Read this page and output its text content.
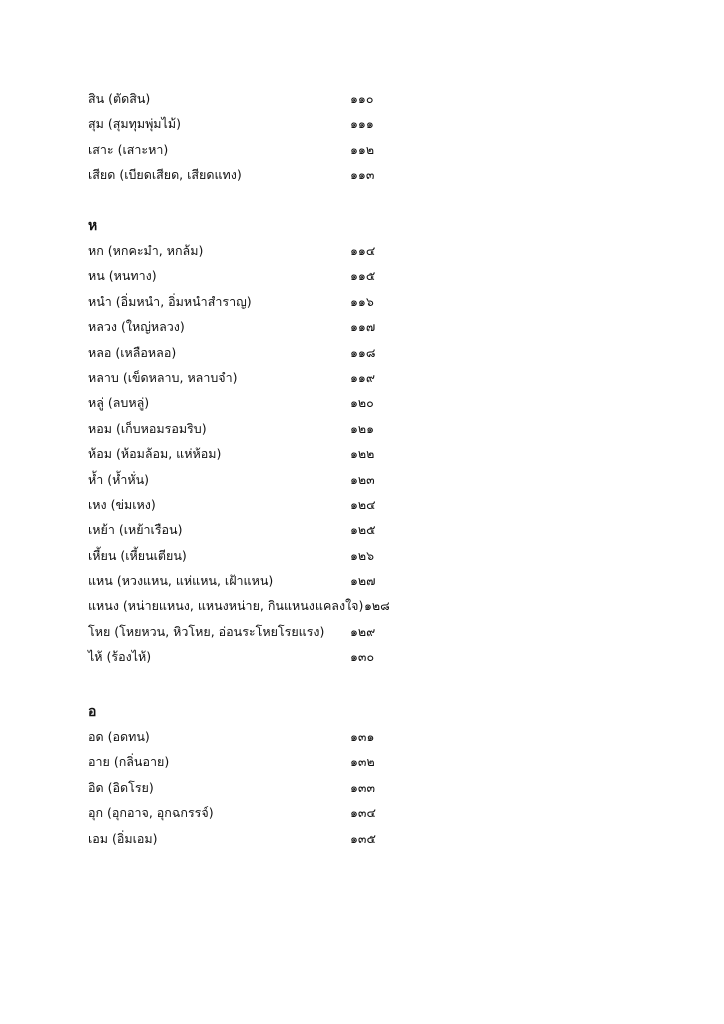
สิน (ตัดสิน)	๑๑๐
สุม (สุมทุมพุ่มไม้)	๑๑๑
เสาะ (เสาะหา)	๑๑๒
เสียด (เบียดเสียด, เสียดแทง)	๑๑๓
ห
หก (หกคะมำ, หกล้ม)	๑๑๔
หน (หนทาง)	๑๑๕
หนำ (อิ่มหนำ, อิ่มหนำสำราญ)	๑๑๖
หลวง (ใหญ่หลวง)	๑๑๗
หลอ (เหลือหลอ)	๑๑๘
หลาบ (เข็ดหลาบ, หลาบจำ)	๑๑๙
หลู่ (ลบหลู่)	๑๒๐
หอม (เก็บหอมรอมริบ)	๑๒๑
ห้อม (ห้อมล้อม, แห่ห้อม)	๑๒๒
ห้ำ (ห้ำหั่น)	๑๒๓
เหง (ข่มเหง)	๑๒๔
เหย้า (เหย้าเรือน)	๑๒๕
เหี้ยน (เหี้ยนเตียน)	๑๒๖
แหน (หวงแหน, แห่แหน, เฝ้าแหน)	๑๒๗
แหนง (หน่ายแหนง, แหนงหน่าย, กินแหนงแคลงใจ) ๑๒๘
โหย (โหยหวน, หิวโหย, อ่อนระโหยโรยแรง) ๑๒๙
ไห้ (ร้องไห้)	๑๓๐
อ
อด (อดทน)	๑๓๑
อาย (กลิ่นอาย)	๑๓๒
อิด (อิดโรย)	๑๓๓
อุก (อุกอาจ, อุกฉกรรจ์)	๑๓๔
เอม (อิ่มเอม)	๑๓๕
